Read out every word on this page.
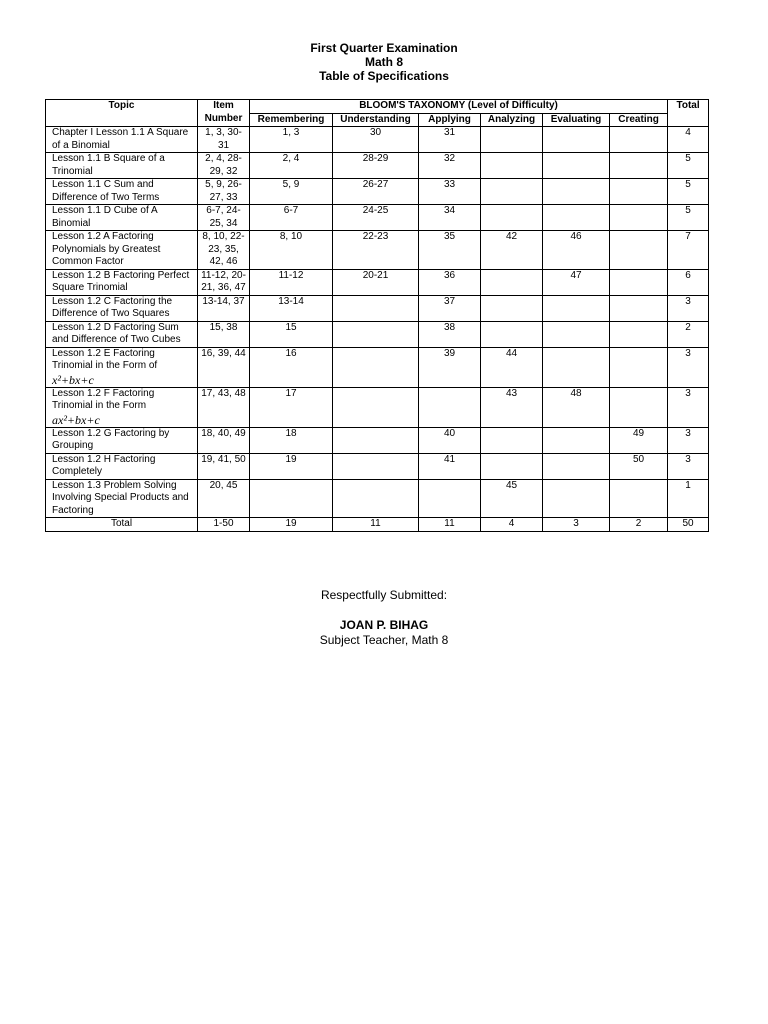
First Quarter Examination
Math 8
Table of Specifications
Topic	Item Number	BLOOM'S TAXONOMY (Level of Difficulty)						Total
		Remembering	Understanding	Applying	Analyzing	Evaluating	Creating	
Chapter I Lesson 1.1 A Square of a Binomial	1, 3, 30-31	1, 3	30	31				4
Lesson 1.1 B Square of a Trinomial	2, 4, 28-29, 32	2, 4	28-29	32				5
Lesson 1.1 C Sum and Difference of Two Terms	5, 9, 26-27, 33	5, 9	26-27	33				5
Lesson 1.1 D Cube of A Binomial	6-7, 24-25, 34	6-7	24-25	34				5
Lesson 1.2 A Factoring Polynomials by Greatest Common Factor	8, 10, 22-23, 35, 42, 46	8, 10	22-23	35	42	46		7
Lesson 1.2 B Factoring Perfect Square Trinomial	11-12, 20-21, 36, 47	11-12	20-21	36		47		6
Lesson 1.2 C Factoring the Difference of Two Squares	13-14, 37	13-14		37				3
Lesson 1.2 D Factoring Sum and Difference of Two Cubes	15, 38	15		38				2
Lesson 1.2 E Factoring Trinomial in the Form of
x²+bx+c	16, 39, 44	16		39	44			3
Lesson 1.2 F Factoring Trinomial in the Form
ax²+bx+c	17, 43, 48	17			43	48		3
Lesson 1.2 G Factoring by Grouping	18, 40, 49	18		40			49	3
Lesson 1.2 H Factoring Completely	19, 41, 50	19		41			50	3
Lesson 1.3 Problem Solving Involving Special Products and Factoring	20, 45				45			1
Total	1-50	19	11	11	4	3	2	50
Respectfully Submitted:
JOAN P. BIHAG
Subject Teacher, Math 8
